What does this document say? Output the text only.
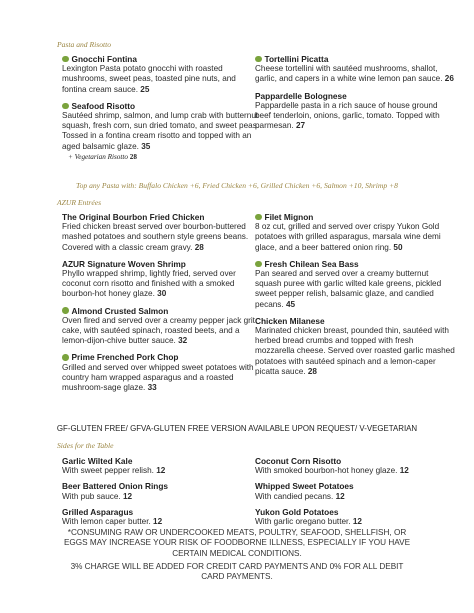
Pasta and Risotto
Gnocchi Fontina
Lexington Pasta potato gnocchi with roasted mushrooms, sweet peas, toasted pine nuts, and fontina cream sauce. 25
Seafood Risotto
Sautéed shrimp, salmon, and lump crab with butternut squash, fresh corn, sun dried tomato, and sweet peas. Tossed in a fontina cream risotto and topped with an aged balsamic glaze. 35
+ Vegetarian Risotto 28
Tortellini Picatta
Cheese tortellini with sautéed mushrooms, shallot, garlic, and capers in a white wine lemon pan sauce. 26
Pappardelle Bolognese
Pappardelle pasta in a rich sauce of house ground beef tenderloin, onions, garlic, tomato. Topped with parmesan. 27
Top any Pasta with: Buffalo Chicken +6, Fried Chicken +6, Grilled Chicken +6, Salmon +10, Shrimp +8
AZUR Entrées
The Original Bourbon Fried Chicken
Fried chicken breast served over bourbon-buttered mashed potatoes and southern style greens beans. Covered with a classic cream gravy. 28
AZUR Signature Woven Shrimp
Phyllo wrapped shrimp, lightly fried, served over coconut corn risotto and finished with a smoked bourbon-hot honey glaze. 30
Almond Crusted Salmon
Oven fired and served over a creamy pepper jack grit cake, with sautéed spinach, roasted beets, and a lemon-dijon-chive butter sauce. 32
Prime Frenched Pork Chop
Grilled and served over whipped sweet potatoes with country ham wrapped asparagus and a roasted mushroom-sage glaze. 33
Filet Mignon
8 oz cut, grilled and served over crispy Yukon Gold potatoes with grilled asparagus, marsala wine demi glace, and a beer battered onion ring. 50
Fresh Chilean Sea Bass
Pan seared and served over a creamy butternut squash puree with garlic wilted kale greens, pickled sweet pepper relish, balsamic glaze, and candied pecans. 45
Chicken Milanese
Marinated chicken breast, pounded thin, sautéed with herbed bread crumbs and topped with fresh mozzarella cheese. Served over roasted garlic mashed potatoes with sautéed spinach and a lemon-caper picatta sauce. 28
GF-GLUTEN FREE/ GFVA-GLUTEN FREE VERSION AVAILABLE UPON REQUEST/ V-VEGETARIAN
Sides for the Table
Garlic Wilted Kale
With sweet pepper relish. 12
Beer Battered Onion Rings
With pub sauce. 12
Grilled Asparagus
With lemon caper butter. 12
Coconut Corn Risotto
With smoked bourbon-hot honey glaze. 12
Whipped Sweet Potatoes
With candied pecans. 12
Yukon Gold Potatoes
With garlic oregano butter. 12
*CONSUMING RAW OR UNDERCOOKED MEATS, POULTRY, SEAFOOD, SHELLFISH, OR EGGS MAY INCREASE YOUR RISK OF FOODBORNE ILLNESS, ESPECIALLY IF YOU HAVE CERTAIN MEDICAL CONDITIONS.
3% CHARGE WILL BE ADDED FOR CREDIT CARD PAYMENTS AND 0% FOR ALL DEBIT CARD PAYMENTS.
